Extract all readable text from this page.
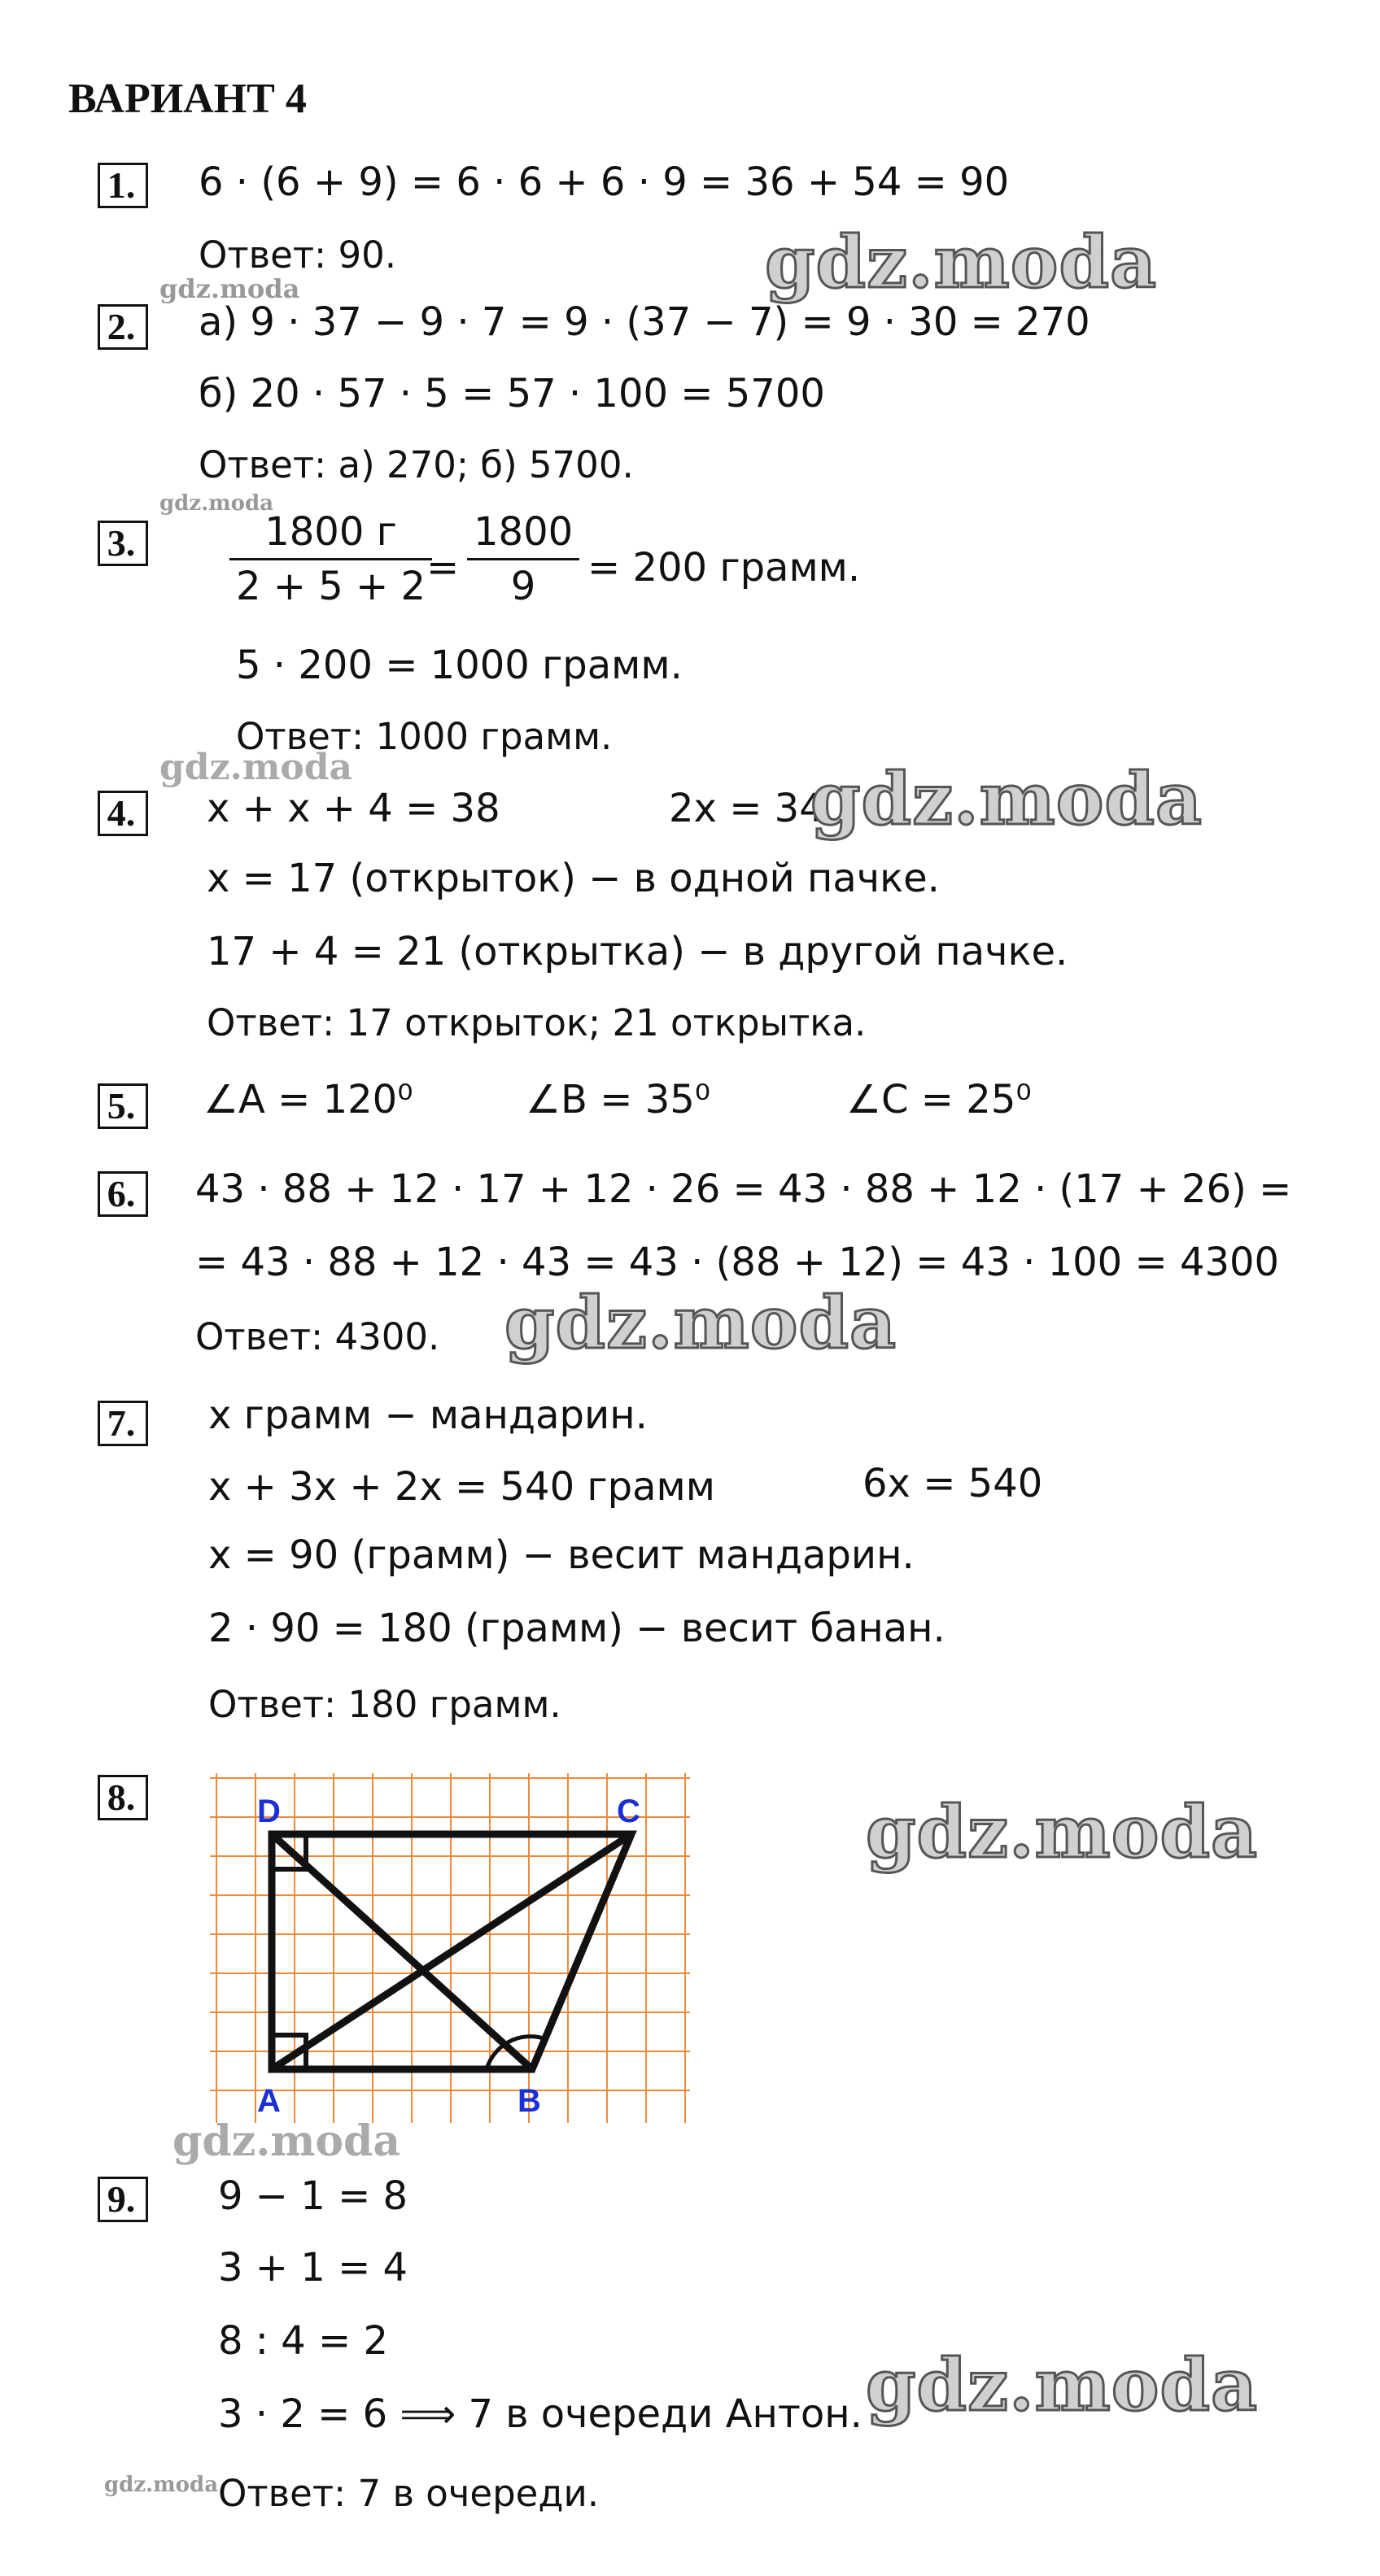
ВАРИАНТ 4
1.	6 · (6 + 9) = 6 · 6 + 6 · 9 = 36 + 54 = 90
Ответ: 90.
2.	а) 9 · 37 − 9 · 7 = 9 · (37 − 7) = 9 · 30 = 270
б) 20 · 57 · 5 = 57 · 100 = 5700
Ответ: а) 270; б) 5700.
3.	1800 г
2 + 5 + 2 =
1800
9	= 200 грамм.
5 · 200 = 1000 грамм.
Ответ: 1000 грамм.
4.	x + x + 4 = 38	2x = 34
x = 17 (открыток) − в одной пачке.
17 + 4 = 21 (открытка) − в другой пачке.
Ответ: 17 открыток; 21 открытка.
5.	∠A = 120⁰	∠B = 35⁰	∠C = 25⁰
6.	43 · 88 + 12 · 17 + 12 · 26 = 43 · 88 + 12 · (17 + 26) =
= 43 · 88 + 12 · 43 = 43 · (88 + 12) = 43 · 100 = 4300
Ответ: 4300.
7.	x грамм − мандарин.
x + 3x + 2x = 540 грамм	6x = 540
x = 90 (грамм) − весит мандарин.
2 · 90 = 180 (грамм) − весит банан.
Ответ: 180 грамм.
8.	D	C
A	B
9.	9 − 1 = 8
3 + 1 = 4
8 : 4 = 2
3 · 2 = 6 ⟹ 7 в очереди Антон.
Ответ: 7 в очереди.
gdz.moda
gdz.moda
gdz.moda
gdz.moda
gdz.moda
gdz.moda
gdz.moda
gdz.moda
gdz.moda
gdz.moda
